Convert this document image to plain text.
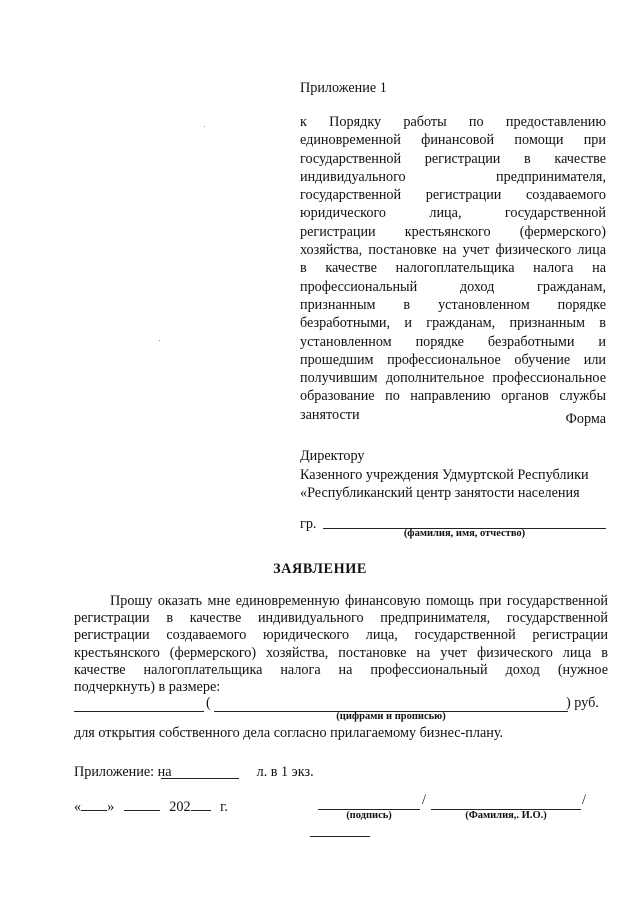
Приложение 1
к Порядку работы по предоставлению
единовременной финансовой помощи при
государственной регистрации в качестве
индивидуального предпринимателя,
государственной регистрации создаваемого
юридического лица, государственной
регистрации крестьянского (фермерского)
хозяйства, постановке на учет физического лица
в качестве налогоплательщика налога на
профессиональный доход гражданам,
признанным в установленном порядке
безработными, и гражданам, признанным в
установленном порядке безработными и
прошедшим профессиональное обучение или
получившим дополнительное профессиональное
образование по направлению органов службы
занятости	Форма
Директору
Казенного учреждения Удмуртской Республики
«Республиканский центр занятости населения
гр.
(фамилия, имя, отчество)
ЗАЯВЛЕНИЕ
Прошу оказать мне единовременную финансовую помощь при государственной
регистрации в качестве индивидуального предпринимателя, государственной
регистрации создаваемого юридического лица, государственной регистрации
крестьянского (фермерского) хозяйства, постановке на учет физического лица в
качестве налогоплательщика налога на профессиональный доход (нужное
подчеркнуть) в размере:
(	) руб.
(цифрами и прописью)
для открытия собственного дела согласно прилагаемому бизнес-плану.
Приложение: на	л. в 1 экз.
« »	202 г.	/	/
(подпись)	(Фамилия,. И.О.)
